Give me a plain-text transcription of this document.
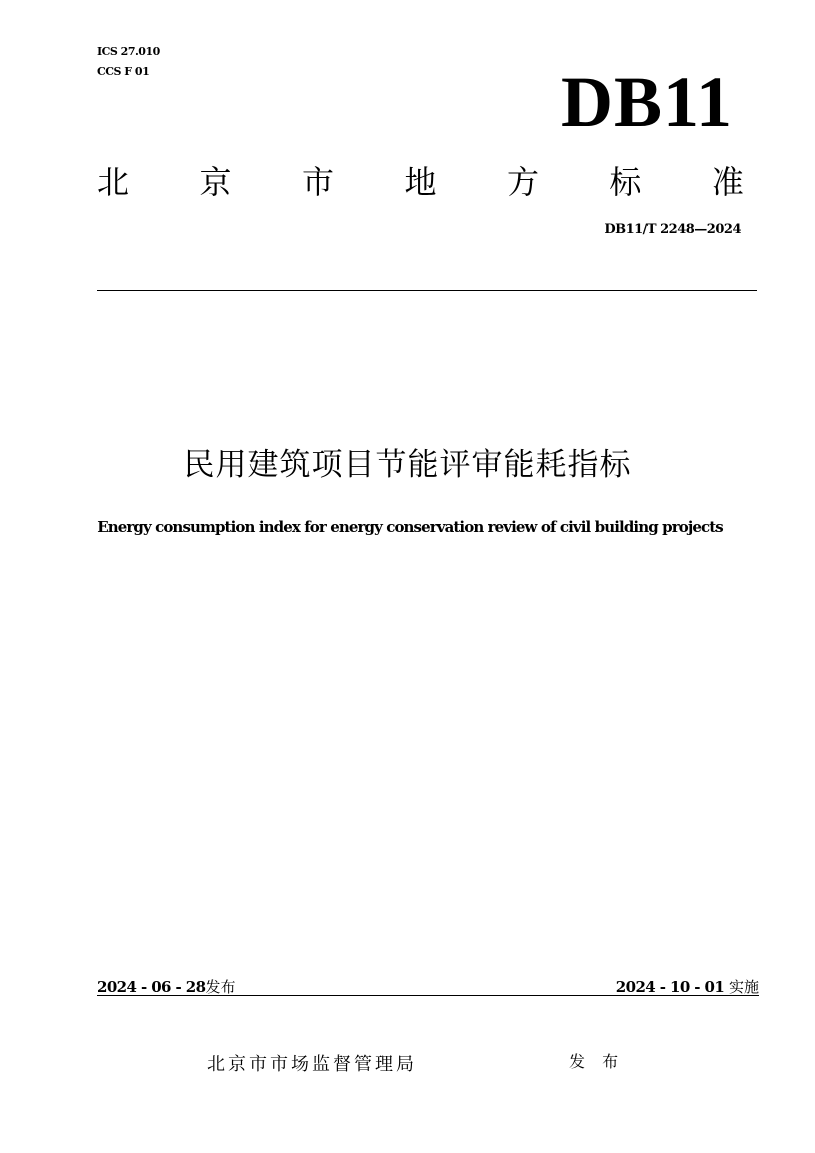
ICS 27.010
CCS F 01	DB11
北 京 市 地 方 标 准
DB11/T 2248—2024
民用建筑项目节能评审能耗指标
Energy consumption index for energy conservation review of civil building projects
2024 - 06 - 28发布	2024 - 10 - 01 实施
北京市市场监督管理局	发 布
